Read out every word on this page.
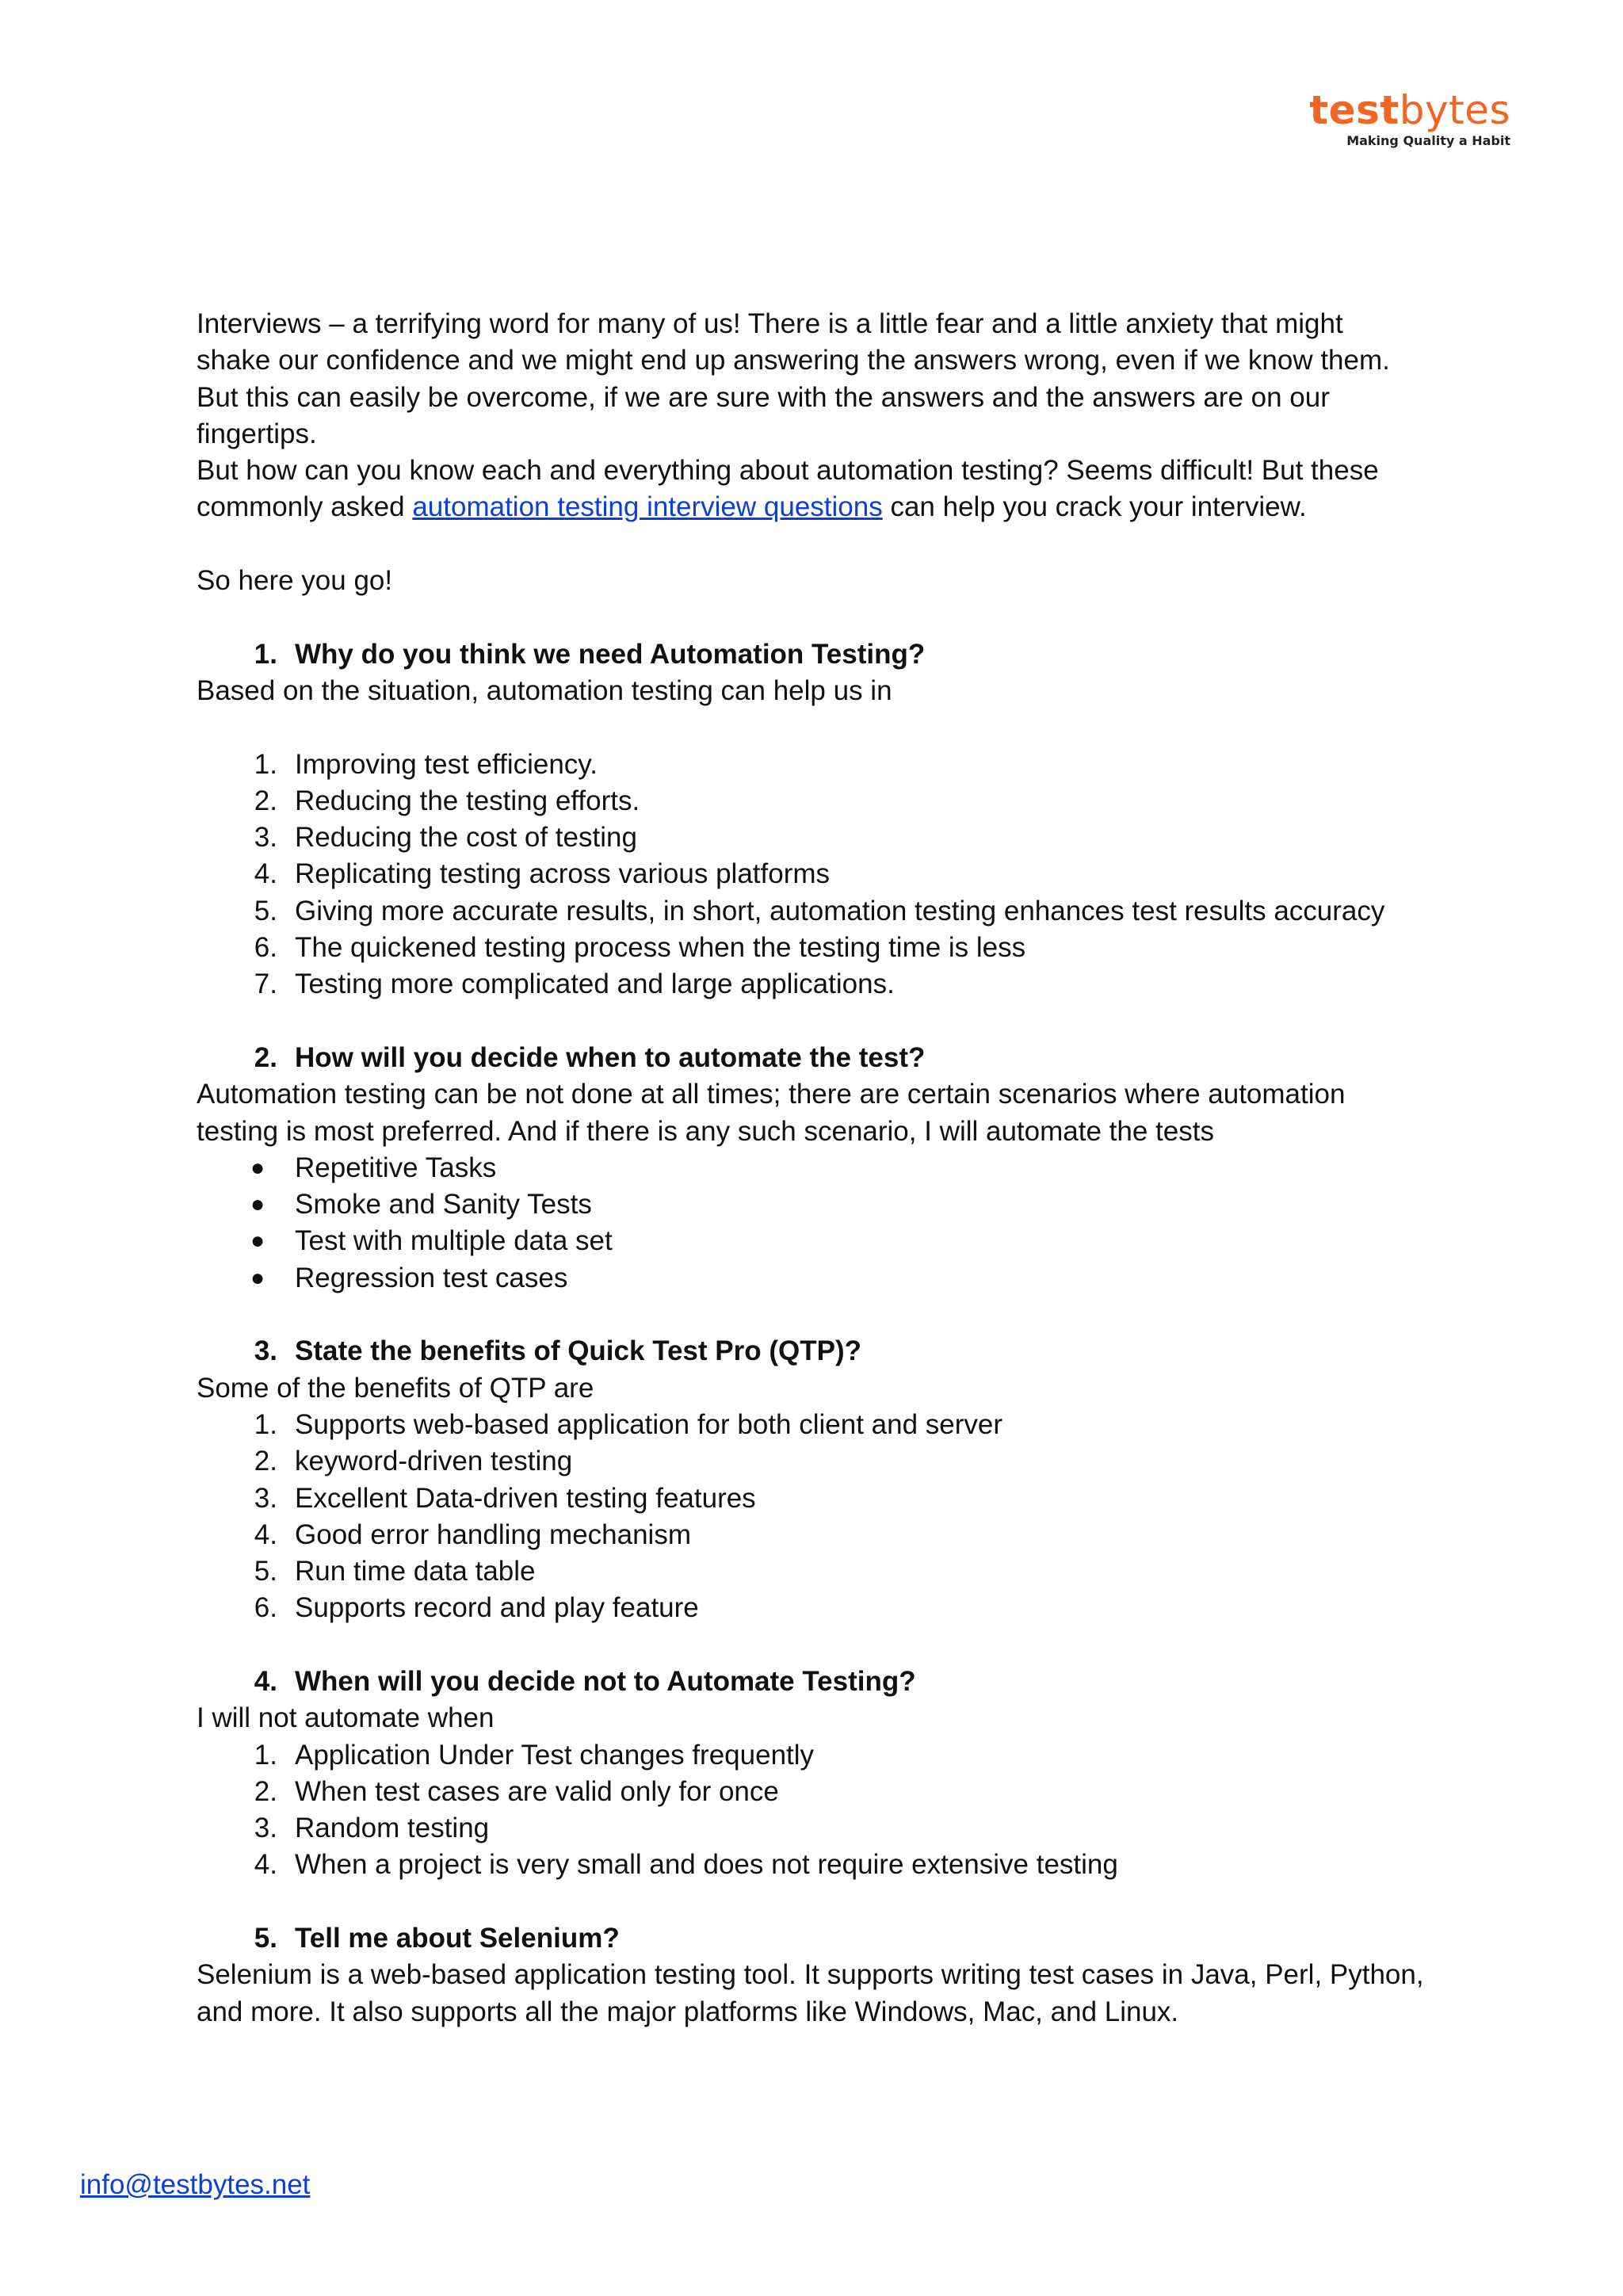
testbytes
Making Quality a Habit

Interviews – a terrifying word for many of us! There is a little fear and a little anxiety that might

shake our confidence and we might end up answering the answers wrong, even if we know them.

But this can easily be overcome, if we are sure with the answers and the answers are on our

fingertips.

But how can you know each and everything about automation testing? Seems difficult! But these

commonly asked automation testing interview questions can help you crack your interview.

So here you go!

1. Why do you think we need Automation Testing?

Based on the situation, automation testing can help us in

1. Improving test efficiency.
2. Reducing the testing efforts.
3. Reducing the cost of testing
4. Replicating testing across various platforms
5. Giving more accurate results, in short, automation testing enhances test results accuracy
6. The quickened testing process when the testing time is less
7. Testing more complicated and large applications.
2. How will you decide when to automate the test?

Automation testing can be not done at all times; there are certain scenarios where automation

testing is most preferred. And if there is any such scenario, I will automate the tests

● Repetitive Tasks
● Smoke and Sanity Tests
● Test with multiple data set
● Regression test cases
3. State the benefits of Quick Test Pro (QTP)?

Some of the benefits of QTP are

1. Supports web-based application for both client and server
2. keyword-driven testing
3. Excellent Data-driven testing features
4. Good error handling mechanism
5. Run time data table
6. Supports record and play feature
4. When will you decide not to Automate Testing?

I will not automate when

1. Application Under Test changes frequently
2. When test cases are valid only for once
3. Random testing
4. When a project is very small and does not require extensive testing
5. Tell me about Selenium?

Selenium is a web-based application testing tool. It supports writing test cases in Java, Perl, Python,

and more. It also supports all the major platforms like Windows, Mac, and Linux.

info@testbytes.net
